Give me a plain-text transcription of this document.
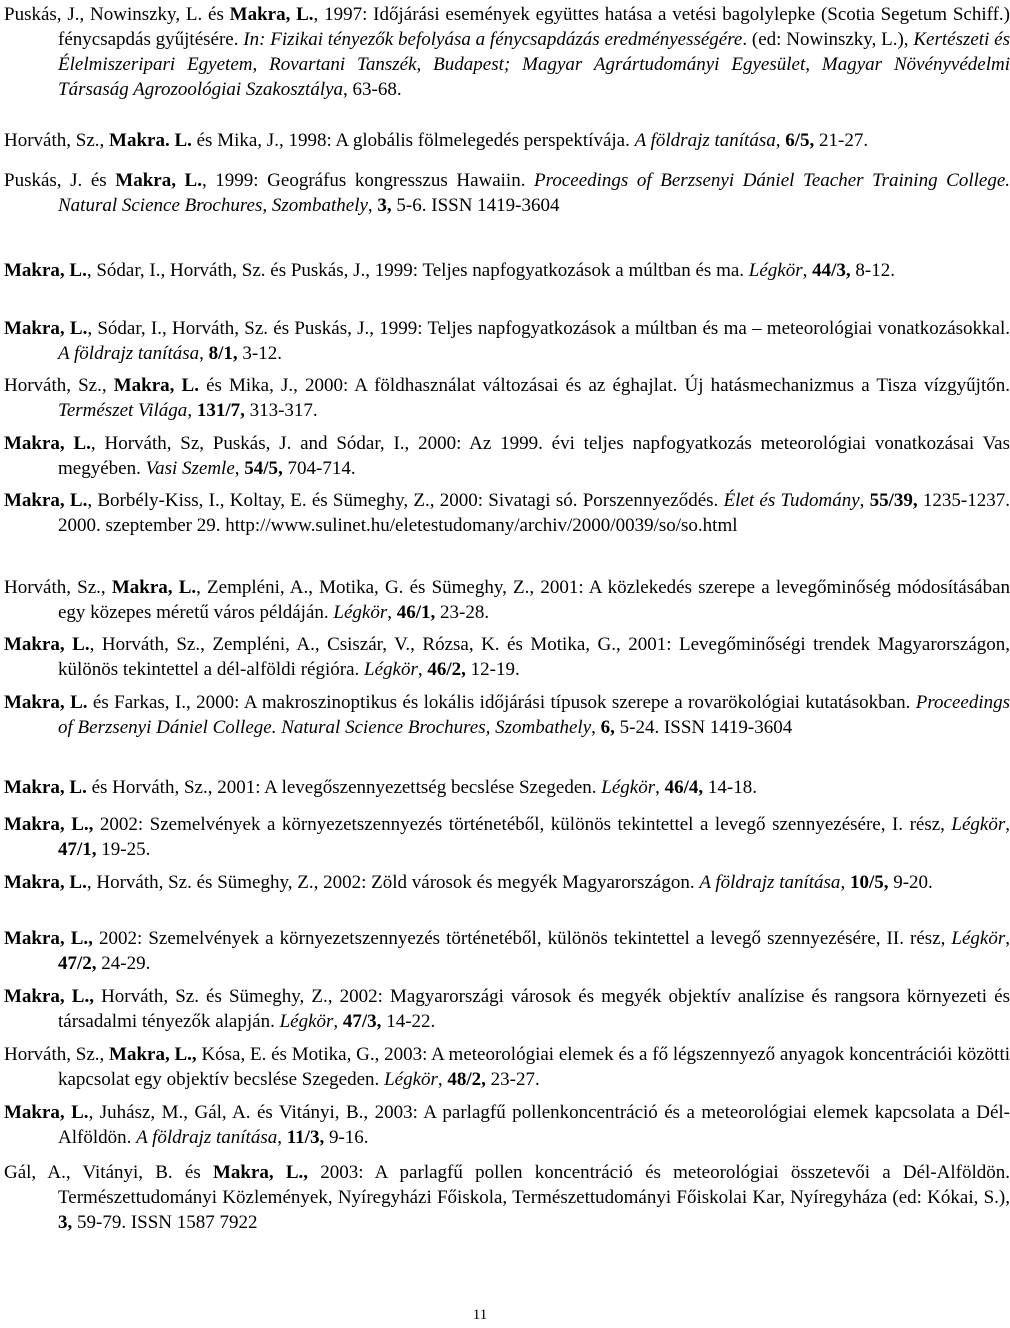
Puskás, J., Nowinszky, L. és Makra, L., 1997: Időjárási események együttes hatása a vetési bagolylepke (Scotia Segetum Schiff.) fénycsapdás gyűjtésére. In: Fizikai tényezők befolyása a fénycsapdázás eredményességére. (ed: Nowinszky, L.), Kertészeti és Élelmiszeripari Egyetem, Rovartani Tanszék, Budapest; Magyar Agrártudományi Egyesület, Magyar Növényvédelmi Társaság Agrozoológiai Szakosztálya, 63-68.

Horváth, Sz., Makra. L. és Mika, J., 1998: A globális fölmelegedés perspektívája. A földrajz tanítása, 6/5, 21-27.

Puskás, J. és Makra, L., 1999: Geográfus kongresszus Hawaiin. Proceedings of Berzsenyi Dániel Teacher Training College. Natural Science Brochures, Szombathely, 3, 5-6. ISSN 1419-3604

Makra, L., Sódar, I., Horváth, Sz. és Puskás, J., 1999: Teljes napfogyatkozások a múltban és ma. Légkör, 44/3, 8-12.

Makra, L., Sódar, I., Horváth, Sz. és Puskás, J., 1999: Teljes napfogyatkozások a múltban és ma – meteorológiai vonatkozásokkal. A földrajz tanítása, 8/1, 3-12.

Horváth, Sz., Makra, L. és Mika, J., 2000: A földhasználat változásai és az éghajlat. Új hatásmechanizmus a Tisza vízgyűjtőn. Természet Világa, 131/7, 313-317.

Makra, L., Horváth, Sz, Puskás, J. and Sódar, I., 2000: Az 1999. évi teljes napfogyatkozás meteorológiai vonatkozásai Vas megyében. Vasi Szemle, 54/5, 704-714.

Makra, L., Borbély-Kiss, I., Koltay, E. és Sümeghy, Z., 2000: Sivatagi só. Porszennyeződés. Élet és Tudomány, 55/39, 1235-1237. 2000. szeptember 29. http://www.sulinet.hu/eletestudomany/archiv/2000/0039/so/so.html

Horváth, Sz., Makra, L., Zempléni, A., Motika, G. és Sümeghy, Z., 2001: A közlekedés szerepe a levegőminőség módosításában egy közepes méretű város példáján. Légkör, 46/1, 23-28.

Makra, L., Horváth, Sz., Zempléni, A., Csiszár, V., Rózsa, K. és Motika, G., 2001: Levegőminőségi trendek Magyarországon, különös tekintettel a dél-alföldi régióra. Légkör, 46/2, 12-19.

Makra, L. és Farkas, I., 2000: A makroszinoptikus és lokális időjárási típusok szerepe a rovarökológiai kutatásokban. Proceedings of Berzsenyi Dániel College. Natural Science Brochures, Szombathely, 6, 5-24. ISSN 1419-3604

Makra, L. és Horváth, Sz., 2001: A levegőszennyezettség becslése Szegeden. Légkör, 46/4, 14-18.

Makra, L., 2002: Szemelvények a környezetszennyezés történetéből, különös tekintettel a levegő szennyezésére, I. rész, Légkör, 47/1, 19-25.

Makra, L., Horváth, Sz. és Sümeghy, Z., 2002: Zöld városok és megyék Magyarországon. A földrajz tanítása, 10/5, 9-20.

Makra, L., 2002: Szemelvények a környezetszennyezés történetéből, különös tekintettel a levegő szennyezésére, II. rész, Légkör, 47/2, 24-29.

Makra, L., Horváth, Sz. és Sümeghy, Z., 2002: Magyarországi városok és megyék objektív analízise és rangsora környezeti és társadalmi tényezők alapján. Légkör, 47/3, 14-22.

Horváth, Sz., Makra, L., Kósa, E. és Motika, G., 2003: A meteorológiai elemek és a fő légszennyező anyagok koncentrációi közötti kapcsolat egy objektív becslése Szegeden. Légkör, 48/2, 23-27.

Makra, L., Juhász, M., Gál, A. és Vitányi, B., 2003: A parlagfű pollenkoncentráció és a meteorológiai elemek kapcsolata a Dél-Alföldön. A földrajz tanítása, 11/3, 9-16.

Gál, A., Vitányi, B. és Makra, L., 2003: A parlagfű pollen koncentráció és meteorológiai összetevői a Dél-Alföldön. Természettudományi Közlemények, Nyíregyházi Főiskola, Természettudományi Főiskolai Kar, Nyíregyháza (ed: Kókai, S.), 3, 59-79. ISSN 1587 7922

11
